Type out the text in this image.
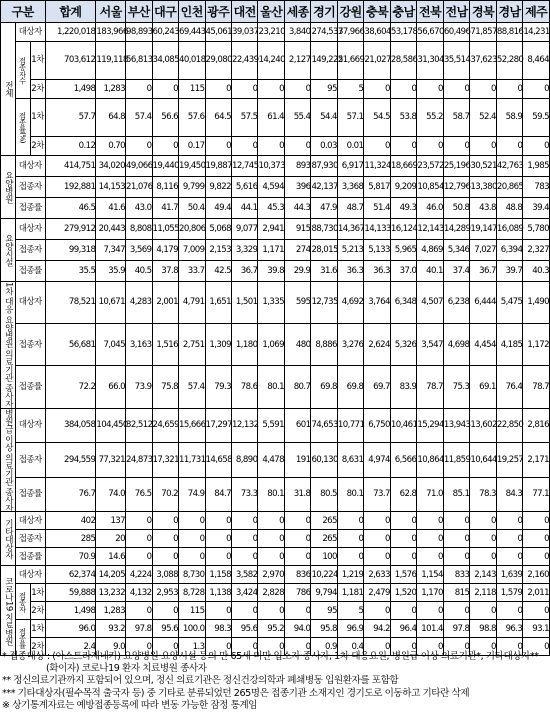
구분			합계	서울	부산	대구	인천	광주	대전	울산	세종	경기	강원	충북	충남	전북	전남	경북	경남	제주
전체	대상자		1,220,018	183,966	98,893	60,243	69,443	45,061	39,037	23,210	3,840	274,537	37,966	38,604	53,178	56,670	60,496	71,857	88,816	14,231
	접종자수	1차	703,612	119,118	56,813	34,085	40,018	29,080	22,439	14,240	2,127	149,225	21,669	21,027	28,586	31,304	35,514	37,623	52,280	8,464
		2차	1,498	1,283	0	0	115	0	0	0	0	95	5	0	0	0	0	0	0	0
	접종률(%)	1차	57.7	64.8	57.4	56.6	57.6	64.5	57.5	61.4	55.4	54.4	57.1	54.5	53.8	55.2	58.7	52.4	58.9	59.5
		2차	0.12	0.70	0	0	0.17	0	0	0	0	0.03	0.01	0	0	0	0	0	0	0
요양병원	대상자		414,751	34,020	49,066	19,440	19,450	19,887	12,745	10,373	893	87,930	6,917	11,324	18,669	23,572	25,196	30,521	42,763	1,985
	접종자		192,881	14,153	21,076	8,116	9,799	9,822	5,616	4,594	396	42,137	3,368	5,817	9,209	10,854	12,796	13,380	20,865	783
	접종률		46.5	41.6	43.0	41.7	50.4	49.4	44.1	45.3	44.3	47.9	48.7	51.4	49.3	46.0	50.8	43.8	48.8	39.4
요양시설	대상자		279,912	20,443	8,808	11,055	20,806	5,068	9,077	2,941	915	88,730	14,367	14,133	16,124	12,143	14,289	19,147	16,089	5,780
	접종자		99,318	7,347	3,569	4,179	7,009	2,153	3,329	1,171	274	28,015	5,213	5,133	5,965	4,869	5,346	7,027	6,394	2,327
	접종률		35.5	35.9	40.5	37.8	33.7	42.5	36.7	39.8	29.9	31.6	36.3	36.3	37.0	40.1	37.4	36.7	39.7	40.3
1차 대응 요양병원 의료기관 종사자	대상자		78,521	10,671	4,283	2,001	4,791	1,651	1,501	1,335	595	12,735	4,692	3,764	6,348	4,507	6,238	6,444	5,475	1,490
	접종자		56,681	7,045	3,163	1,516	2,751	1,309	1,180	1,069	480	8,886	3,276	2,624	5,326	3,547	4,698	4,454	4,185	1,172
	접종률		72.2	66.0	73.9	75.8	57.4	79.3	78.6	80.1	80.7	69.8	69.8	69.7	83.9	78.7	75.3	69.1	76.4	78.7
병원급 이상 의료기관 종사자	대상자		384,058	104,450	32,512	24,659	15,666	17,297	12,132	5,591	601	74,653	10,771	6,750	10,461	15,294	13,943	13,602	22,850	2,816
	접종자		294,559	77,321	24,873	17,321	11,731	14,658	8,890	4,478	191	60,130	8,631	4,974	6,566	10,864	11,859	10,644	19,257	2,171
	접종률		76.7	74.0	76.5	70.2	74.9	84.7	73.3	80.1	31.8	80.5	80.1	73.7	62.8	71.0	85.1	78.3	84.3	77.1
기타대상자	대상자		402	137	0	0	0	0	0	0	0	265	0	0	0	0	0	0	0	0
	접종자		285	20	0	0	0	0	0	0	0	265	0	0	0	0	0	0	0	0
	접종률		70.9	14.6	0	0	0	0	0	0	0	100	0	0	0	0	0	0	0	0
코로나19 치료병원	대상자		62,374	14,205	4,224	3,088	8,730	1,158	3,582	2,970	836	10,224	1,219	2,633	1,576	1,154	833	2,143	1,639	2,160
	접종자	1차	59,888	13,232	4,132	2,953	8,728	1,138	3,424	2,828	786	9,794	1,181	2,479	1,520	1,170	815	2,118	1,579	2,011
		2차	1,498	1,283	0	0	115	0	0	0	0	95	5	0	0	0	0	0	0	0
	접종률	1차	96.0	93.2	97.8	95.6	100.0	98.3	95.6	95.2	94.0	95.8	96.9	94.2	96.4	101.4	97.8	98.8	96.3	93.1
		2차	2.4	9.0	0	0	1.3	0	0	0	0	0.9	0.4	0	0	0	0	0	0	0

* 접종대상 : (아스트라제네카) 요양병원·요양시설 등의 만 65세 미만 입소자·종사자, 1차 대응요원, 병원급 이상 의료기관*, 기타대상자**

(화이자) 코로나19 환자 치료병원 종사자

** 정신의료기관까지 포함되어 있으며, 정신 의료기관은 정신건강의학과 폐쇄병동 입원환자를 포함함

*** 기타대상자(필수목적 출국자 등) 중 기타로 분류되었던 265명은 접종기관 소재지인 경기도로 이동하고 기타란 삭제

※ 상기통계자료는 예방접종등록에 따라 변동 가능한 잠정 통계임
